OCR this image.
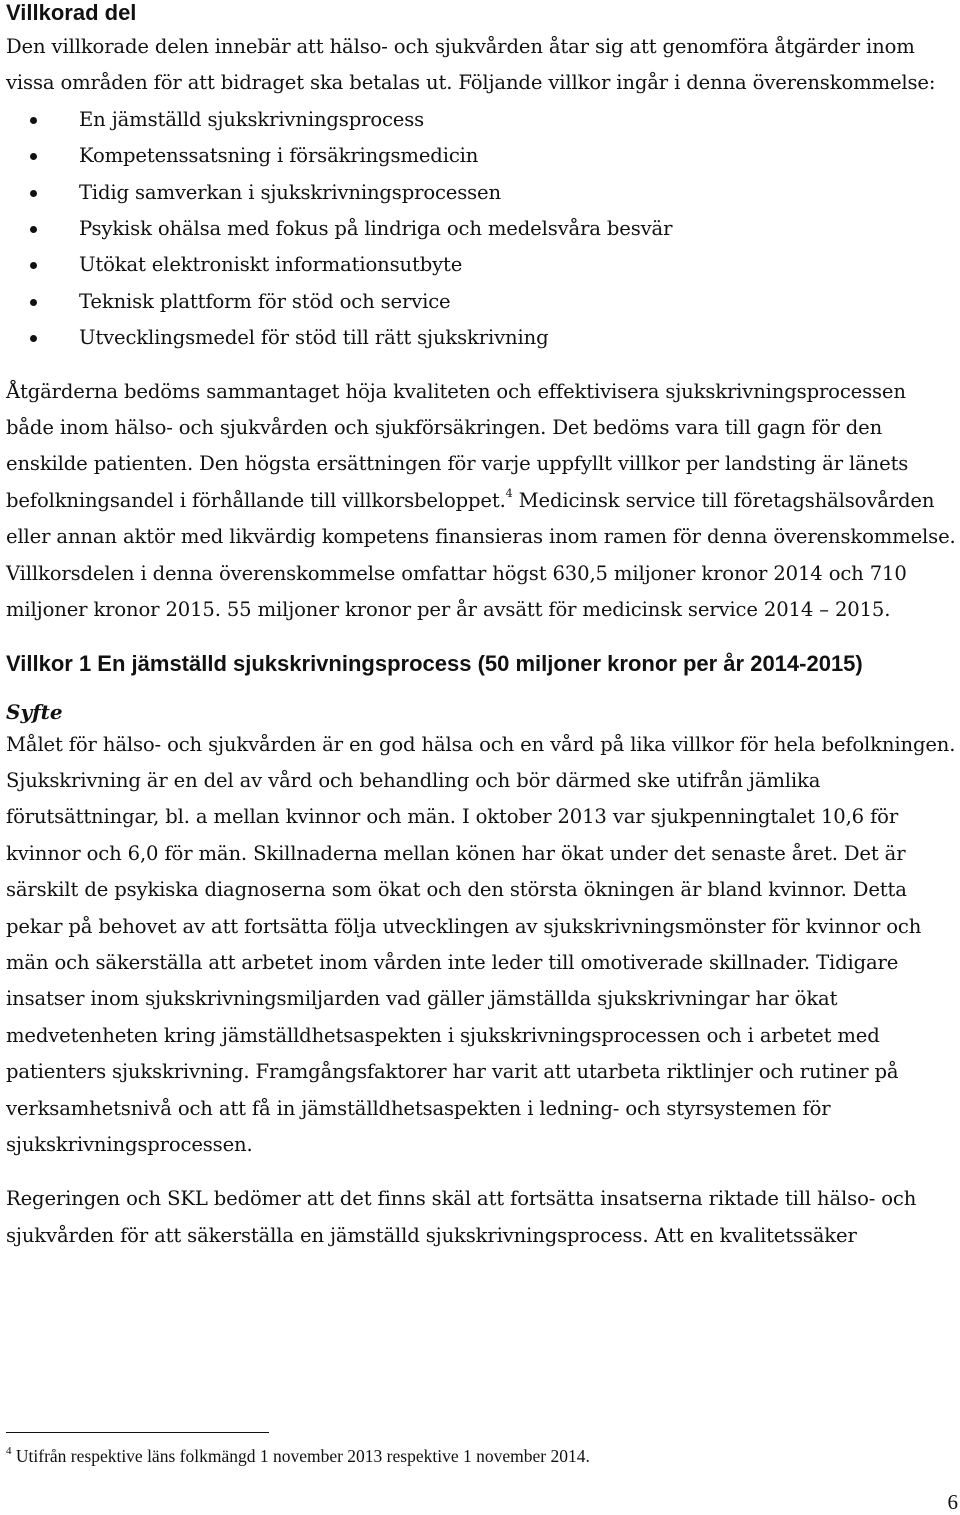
Villkorad del

Den villkorade delen innebär att hälso- och sjukvården åtar sig att genomföra åtgärder inom vissa områden för att bidraget ska betalas ut. Följande villkor ingår i denna överenskommelse:

En jämställd sjukskrivningsprocess
Kompetenssatsning i försäkringsmedicin
Tidig samverkan i sjukskrivningsprocessen
Psykisk ohälsa med fokus på lindriga och medelsvåra besvär
Utökat elektroniskt informationsutbyte
Teknisk plattform för stöd och service
Utvecklingsmedel för stöd till rätt sjukskrivning

Åtgärderna bedöms sammantaget höja kvaliteten och effektivisera sjukskrivningsprocessen både inom hälso- och sjukvården och sjukförsäkringen. Det bedöms vara till gagn för den enskilde patienten. Den högsta ersättningen för varje uppfyllt villkor per landsting är länets befolkningsandel i förhållande till villkorsbeloppet.$^4$ Medicinsk service till företagshälsovården eller annan aktör med likvärdig kompetens finansieras inom ramen för denna överenskommelse. Villkorsdelen i denna överenskommelse omfattar högst 630,5 miljoner kronor 2014 och 710 miljoner kronor 2015. 55 miljoner kronor per år avsätt för medicinsk service 2014 – 2015.

Villkor 1 En jämställd sjukskrivningsprocess (50 miljoner kronor per år 2014-2015)
Syfte

Målet för hälso- och sjukvården är en god hälsa och en vård på lika villkor för hela befolkningen. Sjukskrivning är en del av vård och behandling och bör därmed ske utifrån jämlika förutsättningar, bl. a mellan kvinnor och män. I oktober 2013 var sjukpenningtalet 10,6 för kvinnor och 6,0 för män. Skillnaderna mellan könen har ökat under det senaste året. Det är särskilt de psykiska diagnoserna som ökat och den största ökningen är bland kvinnor. Detta pekar på behovet av att fortsätta följa utvecklingen av sjukskrivningsmönster för kvinnor och män och säkerställa att arbetet inom vården inte leder till omotiverade skillnader. Tidigare insatser inom sjukskrivningsmiljarden vad gäller jämställda sjukskrivningar har ökat medvetenheten kring jämställdhetsaspekten i sjukskrivningsprocessen och i arbetet med patienters sjukskrivning. Framgångsfaktorer har varit att utarbeta riktlinjer och rutiner på verksamhetsnivå och att få in jämställdhetsaspekten i ledning- och styrsystemen för sjukskrivningsprocessen.

Regeringen och SKL bedömer att det finns skäl att fortsätta insatserna riktade till hälso- och sjukvården för att säkerställa en jämställd sjukskrivningsprocess. Att en kvalitetssäker

$^4$ Utifrån respektive läns folkmängd 1 november 2013 respektive 1 november 2014.
6
